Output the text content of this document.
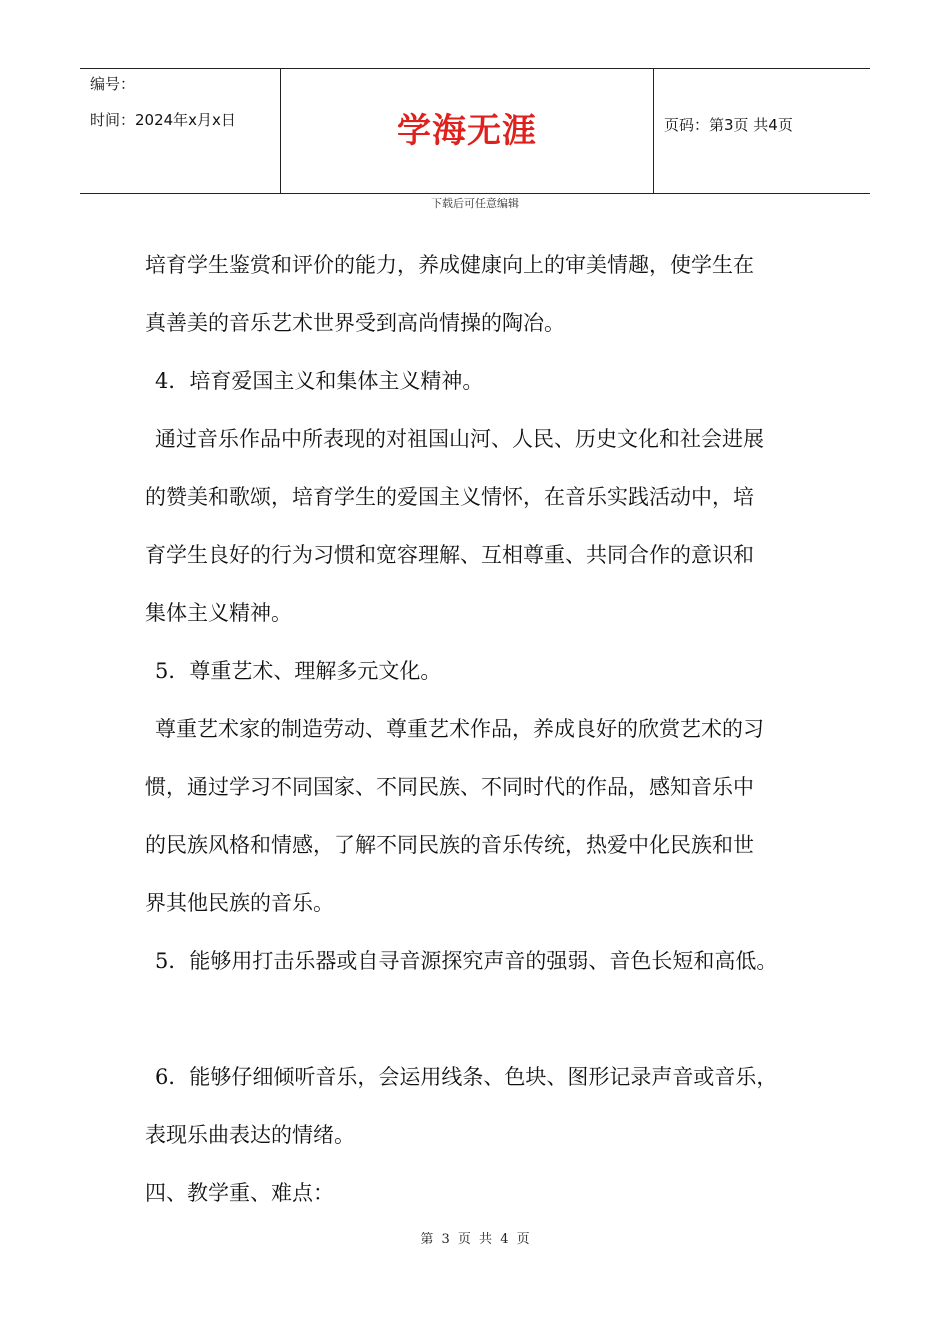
编号：
时间：2024年x月x日	学海无涯	页码：第3页 共4页
下载后可任意编辑
培育学生鉴赏和评价的能力，养成健康向上的审美情趣，使学生在
真善美的音乐艺术世界受到高尚情操的陶冶。
4．培育爱国主义和集体主义精神。
通过音乐作品中所表现的对祖国山河、人民、历史文化和社会进展
的赞美和歌颂，培育学生的爱国主义情怀，在音乐实践活动中，培
育学生良好的行为习惯和宽容理解、互相尊重、共同合作的意识和
集体主义精神。
5．尊重艺术、理解多元文化。
尊重艺术家的制造劳动、尊重艺术作品，养成良好的欣赏艺术的习
惯，通过学习不同国家、不同民族、不同时代的作品，感知音乐中
的民族风格和情感，了解不同民族的音乐传统，热爱中化民族和世
界其他民族的音乐。
5．能够用打击乐器或自寻音源探究声音的强弱、音色长短和高低。
6．能够仔细倾听音乐，会运用线条、色块、图形记录声音或音乐，
表现乐曲表达的情绪。
四、教学重、难点：
第 3 页 共 4 页
